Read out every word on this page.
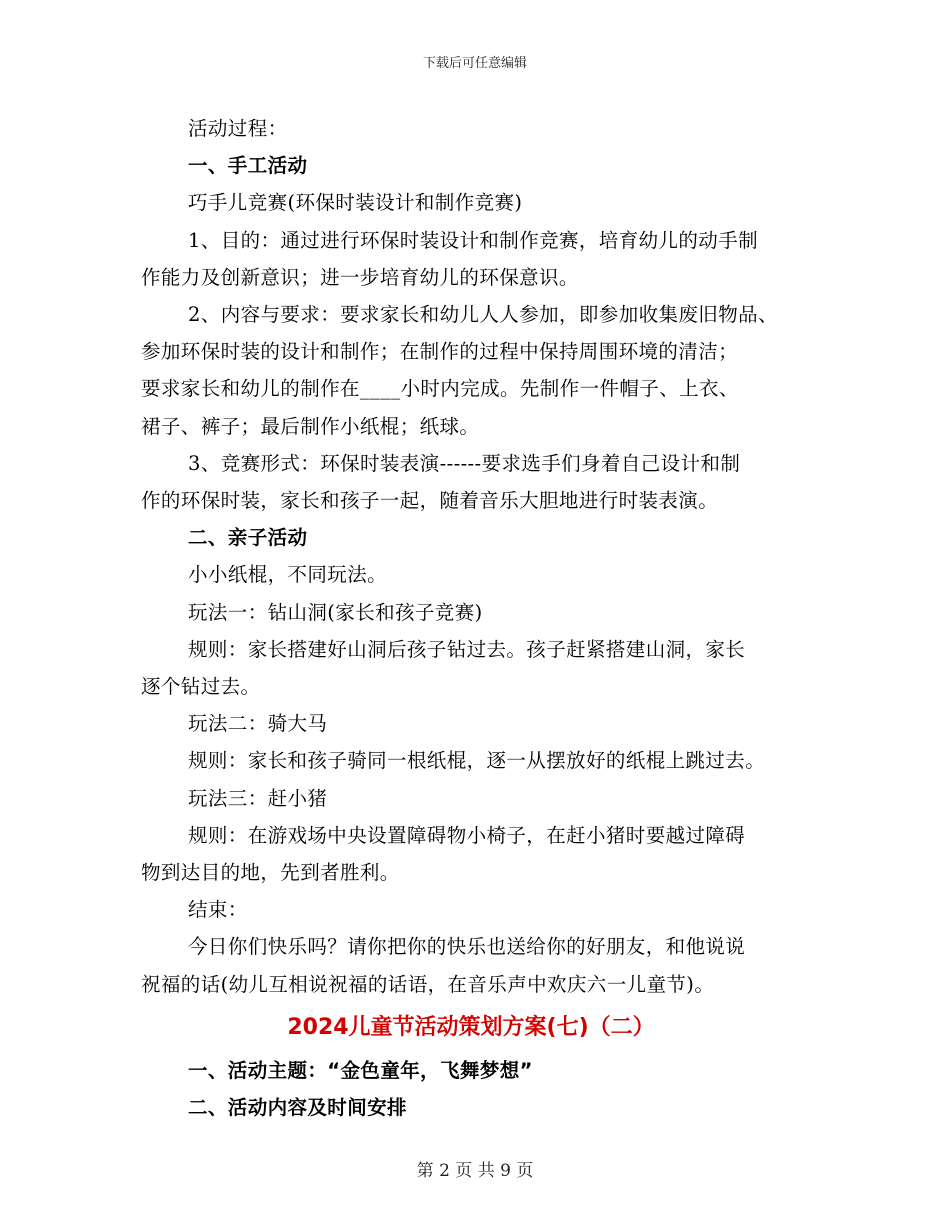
下载后可任意编辑
活动过程：
一、手工活动
巧手儿竞赛(环保时装设计和制作竞赛)
1、目的：通过进行环保时装设计和制作竞赛，培育幼儿的动手制
作能力及创新意识；进一步培育幼儿的环保意识。
2、内容与要求：要求家长和幼儿人人参加，即参加收集废旧物品、
参加环保时装的设计和制作；在制作的过程中保持周围环境的清洁；
要求家长和幼儿的制作在____小时内完成。先制作一件帽子、上衣、
裙子、裤子；最后制作小纸棍；纸球。
3、竞赛形式：环保时装表演------要求选手们身着自己设计和制
作的环保时装，家长和孩子一起，随着音乐大胆地进行时装表演。
二、亲子活动
小小纸棍，不同玩法。
玩法一：钻山洞(家长和孩子竞赛)
规则：家长搭建好山洞后孩子钻过去。孩子赶紧搭建山洞，家长
逐个钻过去。
玩法二：骑大马
规则：家长和孩子骑同一根纸棍，逐一从摆放好的纸棍上跳过去。
玩法三：赶小猪
规则：在游戏场中央设置障碍物小椅子，在赶小猪时要越过障碍
物到达目的地，先到者胜利。
结束：
今日你们快乐吗？请你把你的快乐也送给你的好朋友，和他说说
祝福的话(幼儿互相说祝福的话语，在音乐声中欢庆六一儿童节)。
2024儿童节活动策划方案(七)（二）
一、活动主题：“金色童年，飞舞梦想”
二、活动内容及时间安排
第 2 页 共 9 页
